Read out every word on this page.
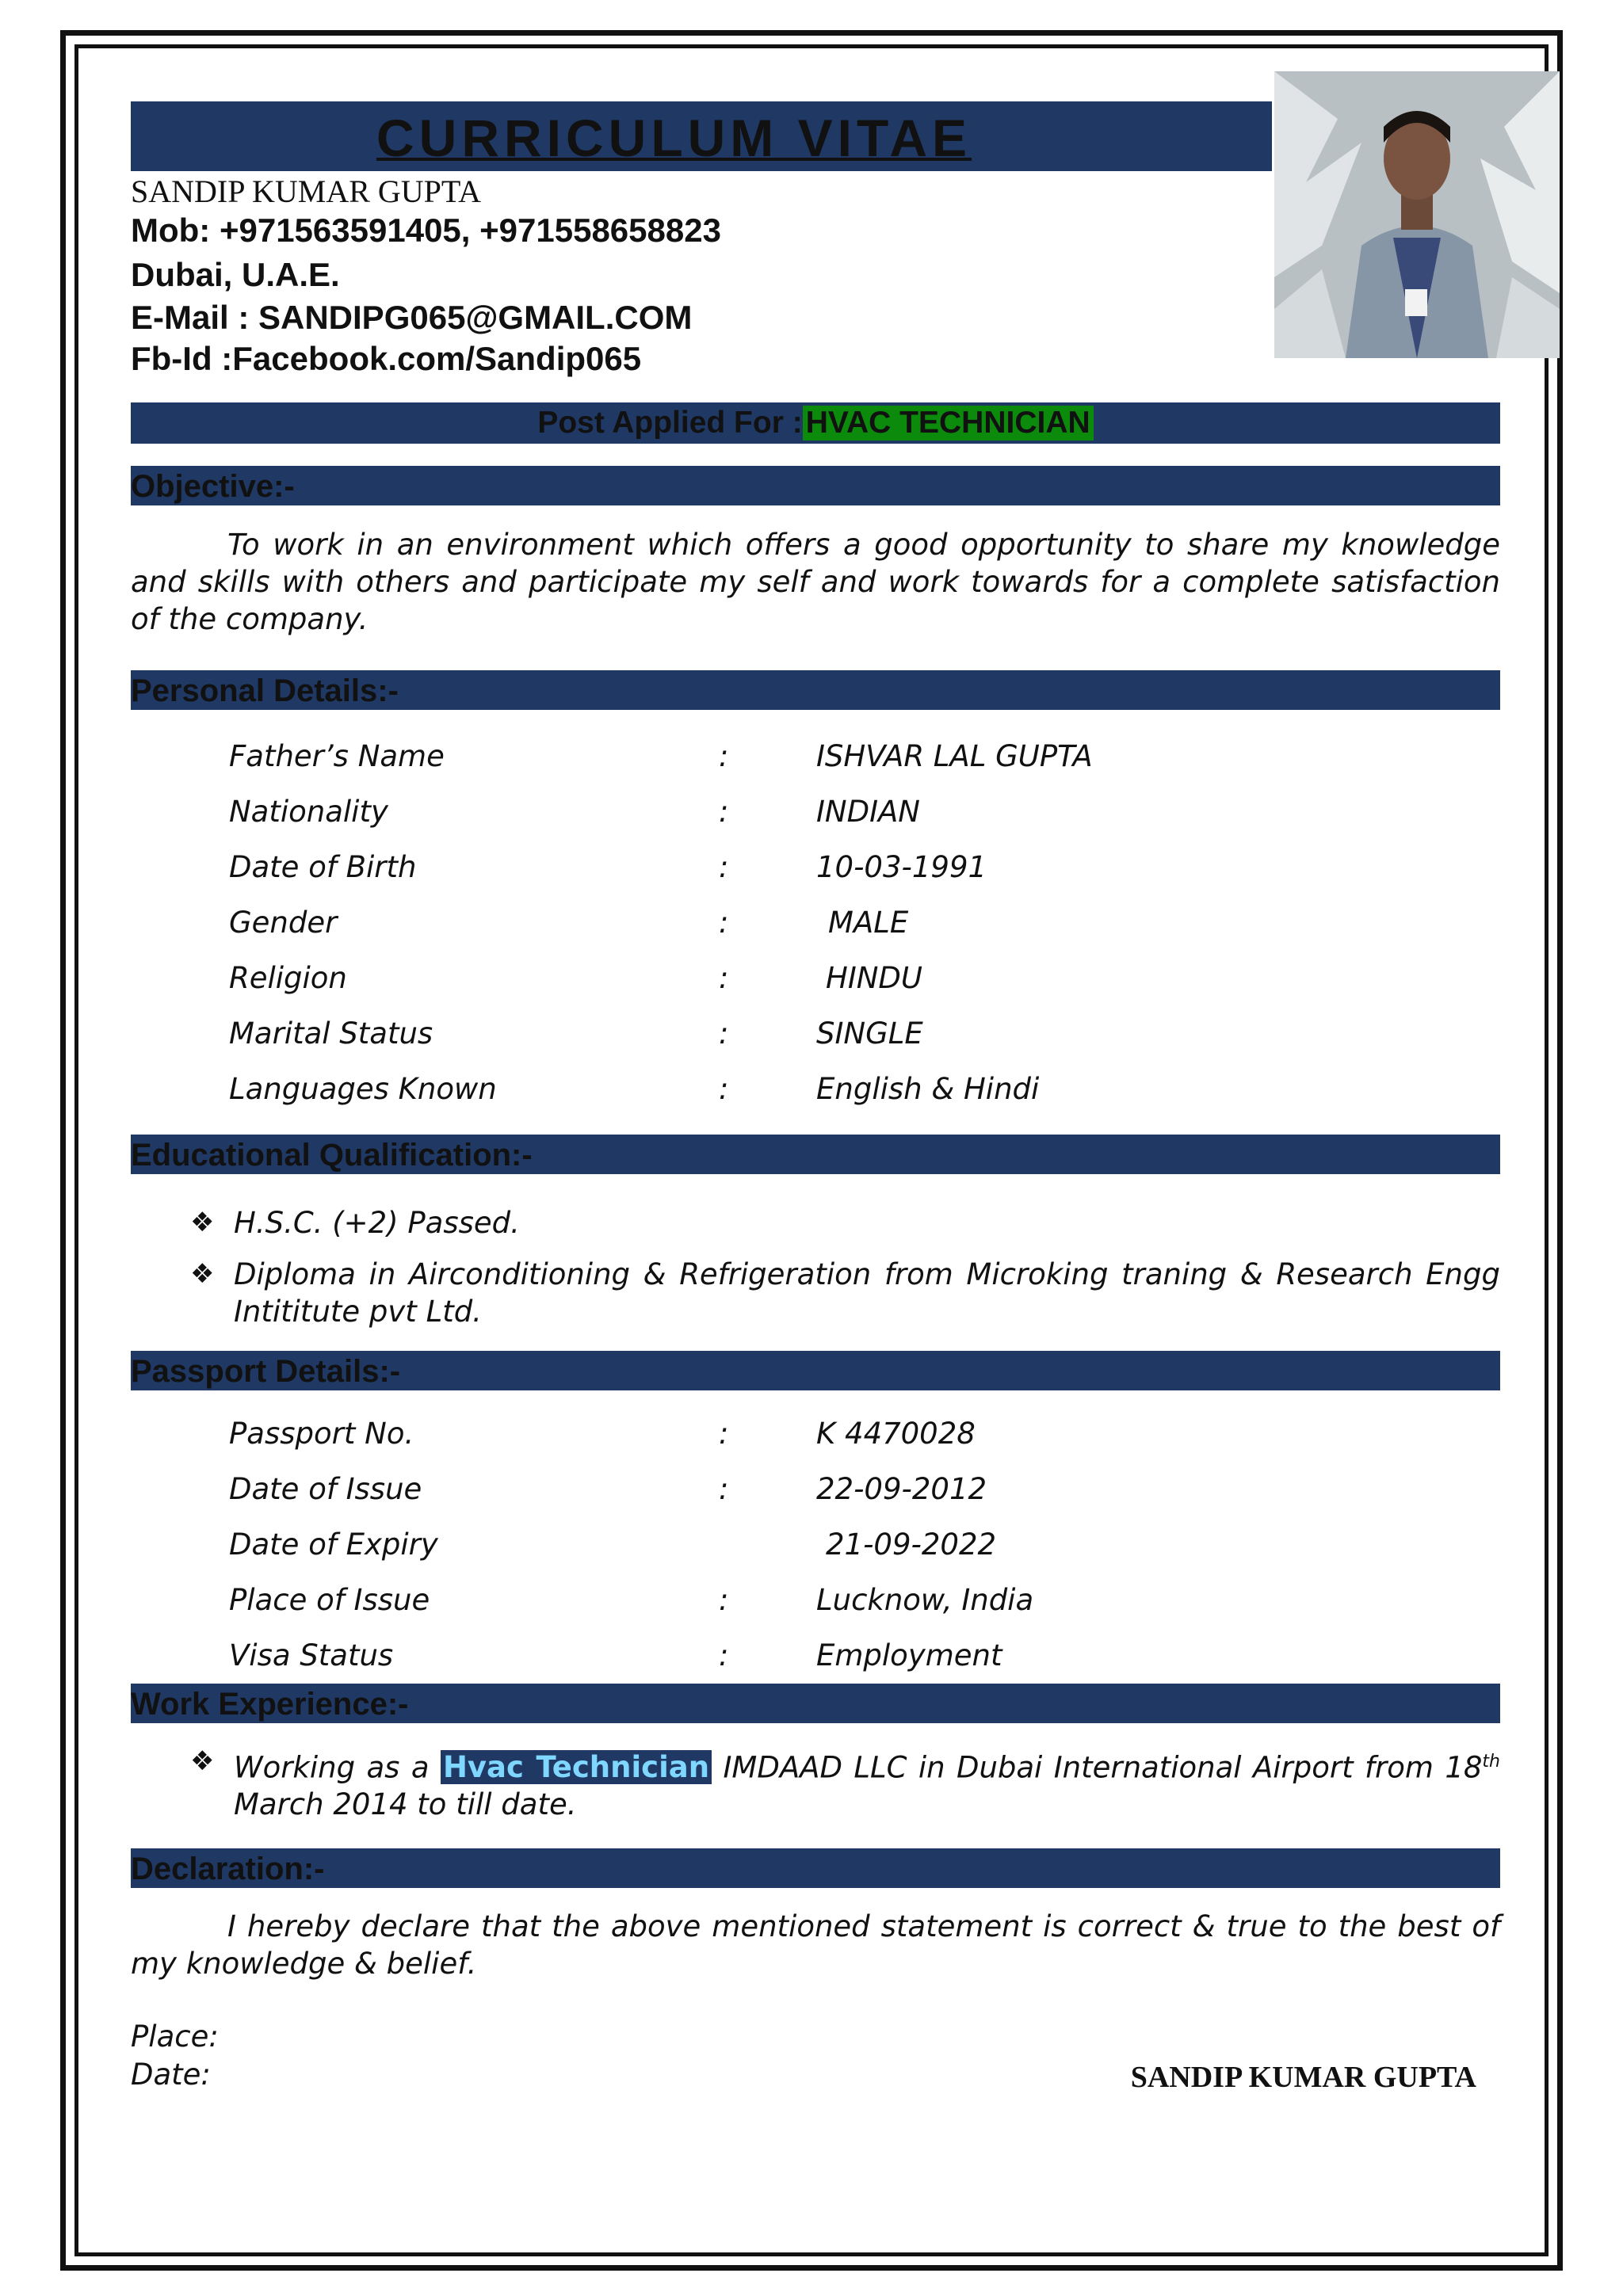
CURRICULUM VITAE
SANDIP KUMAR GUPTA
Mob: +971563591405, +971558658823
Dubai, U.A.E.
E-Mail : SANDIPG065@GMAIL.COM
Fb-Id :Facebook.com/Sandip065
Post Applied For : HVAC TECHNICIAN
Objective:-
To work in an environment which offers a good opportunity to share my knowledge and skills with others and participate my self and work towards for a complete satisfaction of the company.
Personal Details:-
Father’s Name	:	ISHVAR LAL GUPTA
Nationality	:	INDIAN
Date of Birth	:	10-03-1991
Gender	:	MALE
Religion	:	HINDU
Marital Status	:	SINGLE
Languages Known	:	English & Hindi
Educational Qualification:-
❖ H.S.C. (+2) Passed.
❖ Diploma in Airconditioning & Refrigeration from Microking traning & Research Engg Intititute pvt Ltd.
Passport Details:-
Passport No.	:	K 4470028
Date of Issue	:	22-09-2012
Date of Expiry	21-09-2022
Place of Issue	:	Lucknow, India
Visa Status	:	Employment
Work Experience:-
❖ Working as a Hvac Technician IMDAAD LLC in Dubai International Airport from 18th March 2014 to till date.
Declaration:-
I hereby declare that the above mentioned statement is correct & true to the best of my knowledge & belief.
Place:
Date:	SANDIP KUMAR GUPTA
